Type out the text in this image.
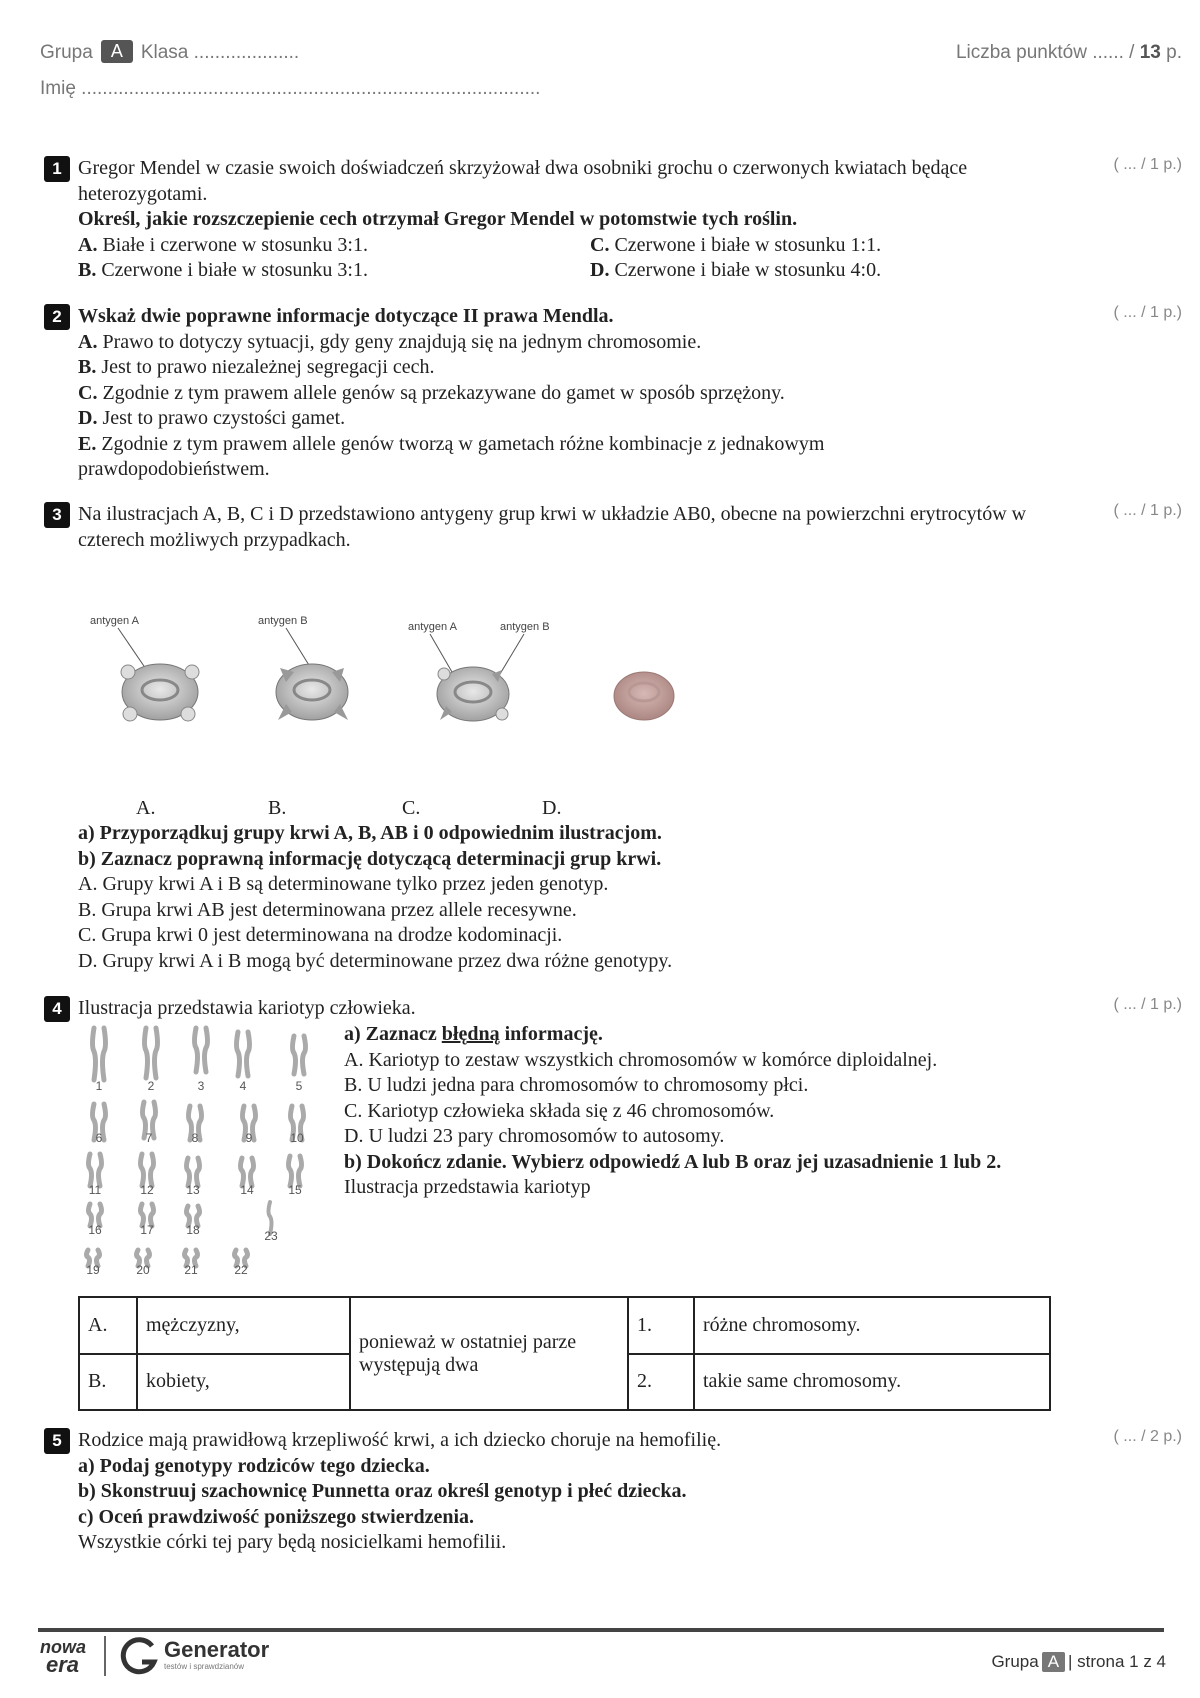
Grupa A Klasa ....................
Imię .......................................................................................
Liczba punktów ...... / 13 p.
1	( ... / 1 p.)

Gregor Mendel w czasie swoich doświadczeń skrzyżował dwa osobniki grochu o czerwonych kwiatach będące heterozygotami.

Określ, jakie rozszczepienie cech otrzymał Gregor Mendel w potomstwie tych roślin.

A. Białe i czerwone w stosunku 3:1.	C. Czerwone i białe w stosunku 1:1.
B. Czerwone i białe w stosunku 3:1.	D. Czerwone i białe w stosunku 4:0.
2	( ... / 1 p.)

Wskaż dwie poprawne informacje dotyczące II prawa Mendla.

A. Prawo to dotyczy sytuacji, gdy geny znajdują się na jednym chromosomie.

B. Jest to prawo niezależnej segregacji cech.

C. Zgodnie z tym prawem allele genów są przekazywane do gamet w sposób sprzężony.

D. Jest to prawo czystości gamet.

E. Zgodnie z tym prawem allele genów tworzą w gametach różne kombinacje z jednakowym prawdopodobieństwem.

3	( ... / 1 p.)

Na ilustracjach A, B, C i D przedstawiono antygeny grup krwi w układzie AB0, obecne na powierzchni erytrocytów w czterech możliwych przypadkach.

antygen A	antygen B	antygen A	antygen B
A.	B.	C.	D.

a) Przyporządkuj grupy krwi A, B, AB i 0 odpowiednim ilustracjom.

b) Zaznacz poprawną informację dotyczącą determinacji grup krwi.

A. Grupy krwi A i B są determinowane tylko przez jeden genotyp.

B. Grupa krwi AB jest determinowana przez allele recesywne.

C. Grupa krwi 0 jest determinowana na drodze kodominacji.

D. Grupy krwi A i B mogą być determinowane przez dwa różne genotypy.

4	( ... / 1 p.)
Ilustracja przedstawia kariotyp człowieka.
1	2	3	4	5
6	7	8	9	10
11	12	13	14	15
16	17	18	23
19	20	21	22

a) Zaznacz błędną informację.

A. Kariotyp to zestaw wszystkich chromosomów w komórce diploidalnej.

B. U ludzi jedna para chromosomów to chromosomy płci.

C. Kariotyp człowieka składa się z 46 chromosomów.

D. U ludzi 23 pary chromosomów to autosomy.

b) Dokończ zdanie. Wybierz odpowiedź A lub B oraz jej uzasadnienie 1 lub 2.

Ilustracja przedstawia kariotyp

A.	mężczyzny,	ponieważ w ostatniej parze występują dwa	1.	różne chromosomy.
B.	kobiety,		2.	takie same chromosomy.
5	( ... / 2 p.)

Rodzice mają prawidłową krzepliwość krwi, a ich dziecko choruje na hemofilię.

a) Podaj genotypy rodziców tego dziecka.

b) Skonstruuj szachownicę Punnetta oraz określ genotyp i płeć dziecka.

c) Oceń prawdziwość poniższego stwierdzenia.

Wszystkie córki tej pary będą nosicielkami hemofilii.

nowa
era
Generator
testów i sprawdzianów	Grupa A | strona 1 z 4
